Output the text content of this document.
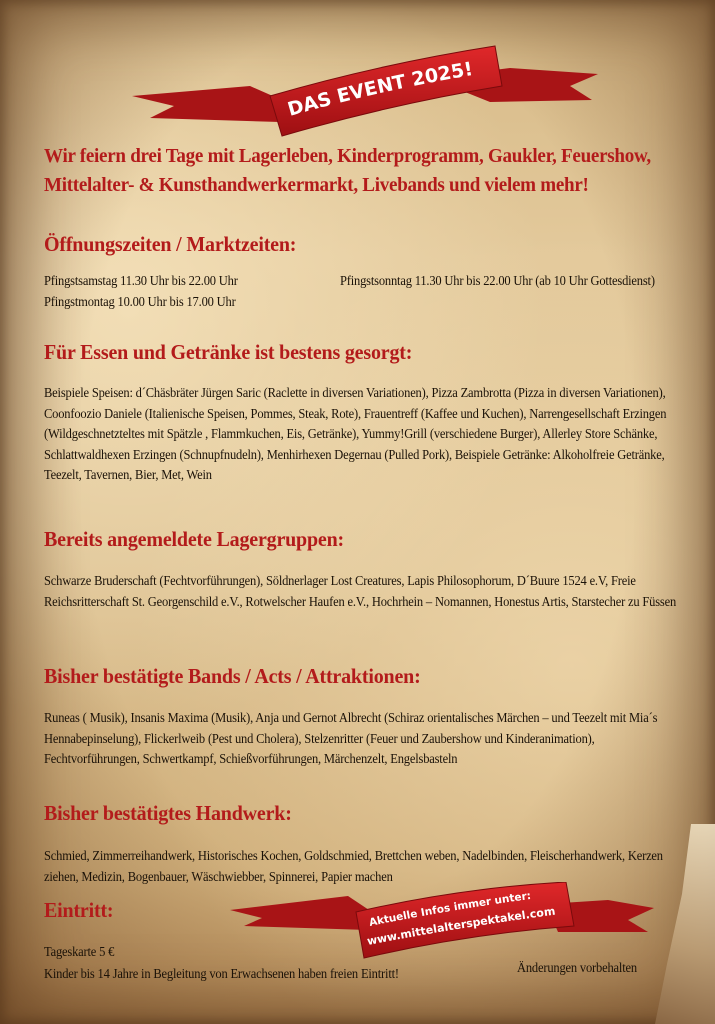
DAS EVENT 2025!
Wir feiern drei Tage mit Lagerleben, Kinderprogramm, Gaukler, Feuershow, Mittelalter- & Kunsthandwerkermarkt, Livebands und vielem mehr!
Öffnungszeiten / Marktzeiten:
Pfingstsamstag 11.30 Uhr bis 22.00 Uhr	Pfingstsonntag 11.30 Uhr bis 22.00 Uhr (ab 10 Uhr Gottesdienst)
Pfingstmontag 10.00 Uhr bis 17.00 Uhr
Für Essen und Getränke ist bestens gesorgt:
Beispiele Speisen: d´Chäsbräter Jürgen Saric (Raclette in diversen Variationen), Pizza Zambrotta (Pizza in diversen Variationen), Coonfoozio Daniele (Italienische Speisen, Pommes, Steak, Rote), Frauentreff (Kaffee und Kuchen), Narrengesellschaft Erzingen (Wildgeschnetzteltes mit Spätzle , Flammkuchen, Eis, Getränke), Yummy!Grill (verschiedene Burger), Allerley Store Schänke, Schlattwaldhexen Erzingen (Schnupfnudeln), Menhirhexen Degernau (Pulled Pork), Beispiele Getränke: Alkoholfreie Getränke, Teezelt, Tavernen, Bier, Met, Wein
Bereits angemeldete Lagergruppen:
Schwarze Bruderschaft (Fechtvorführungen), Söldnerlager Lost Creatures, Lapis Philosophorum, D´Buure 1524 e.V, Freie Reichsritterschaft St. Georgenschild e.V., Rotwelscher Haufen e.V., Hochrhein – Nomannen, Honestus Artis, Starstecher zu Füssen
Bisher bestätigte Bands / Acts / Attraktionen:
Runeas ( Musik), Insanis Maxima (Musik), Anja und Gernot Albrecht (Schiraz orientalisches Märchen – und Teezelt mit Mia´s Hennabepinselung), Flickerlweib (Pest und Cholera), Stelzenritter (Feuer und Zaubershow und Kinderanimation), Fechtvorführungen, Schwertkampf, Schießvorführungen, Märchenzelt, Engelsbasteln
Bisher bestätigtes Handwerk:
Schmied, Zimmerreihandwerk, Historisches Kochen, Goldschmied, Brettchen weben, Nadelbinden, Fleischerhandwerk, Kerzen ziehen, Medizin, Bogenbauer, Wäschwiebber, Spinnerei, Papier machen
Eintritt:
Tageskarte 5 €
Kinder bis 14 Jahre in Begleitung von Erwachsenen haben freien Eintritt!	Änderungen vorbehalten
Aktuelle Infos immer unter:
www.mittelalterspektakel.com
